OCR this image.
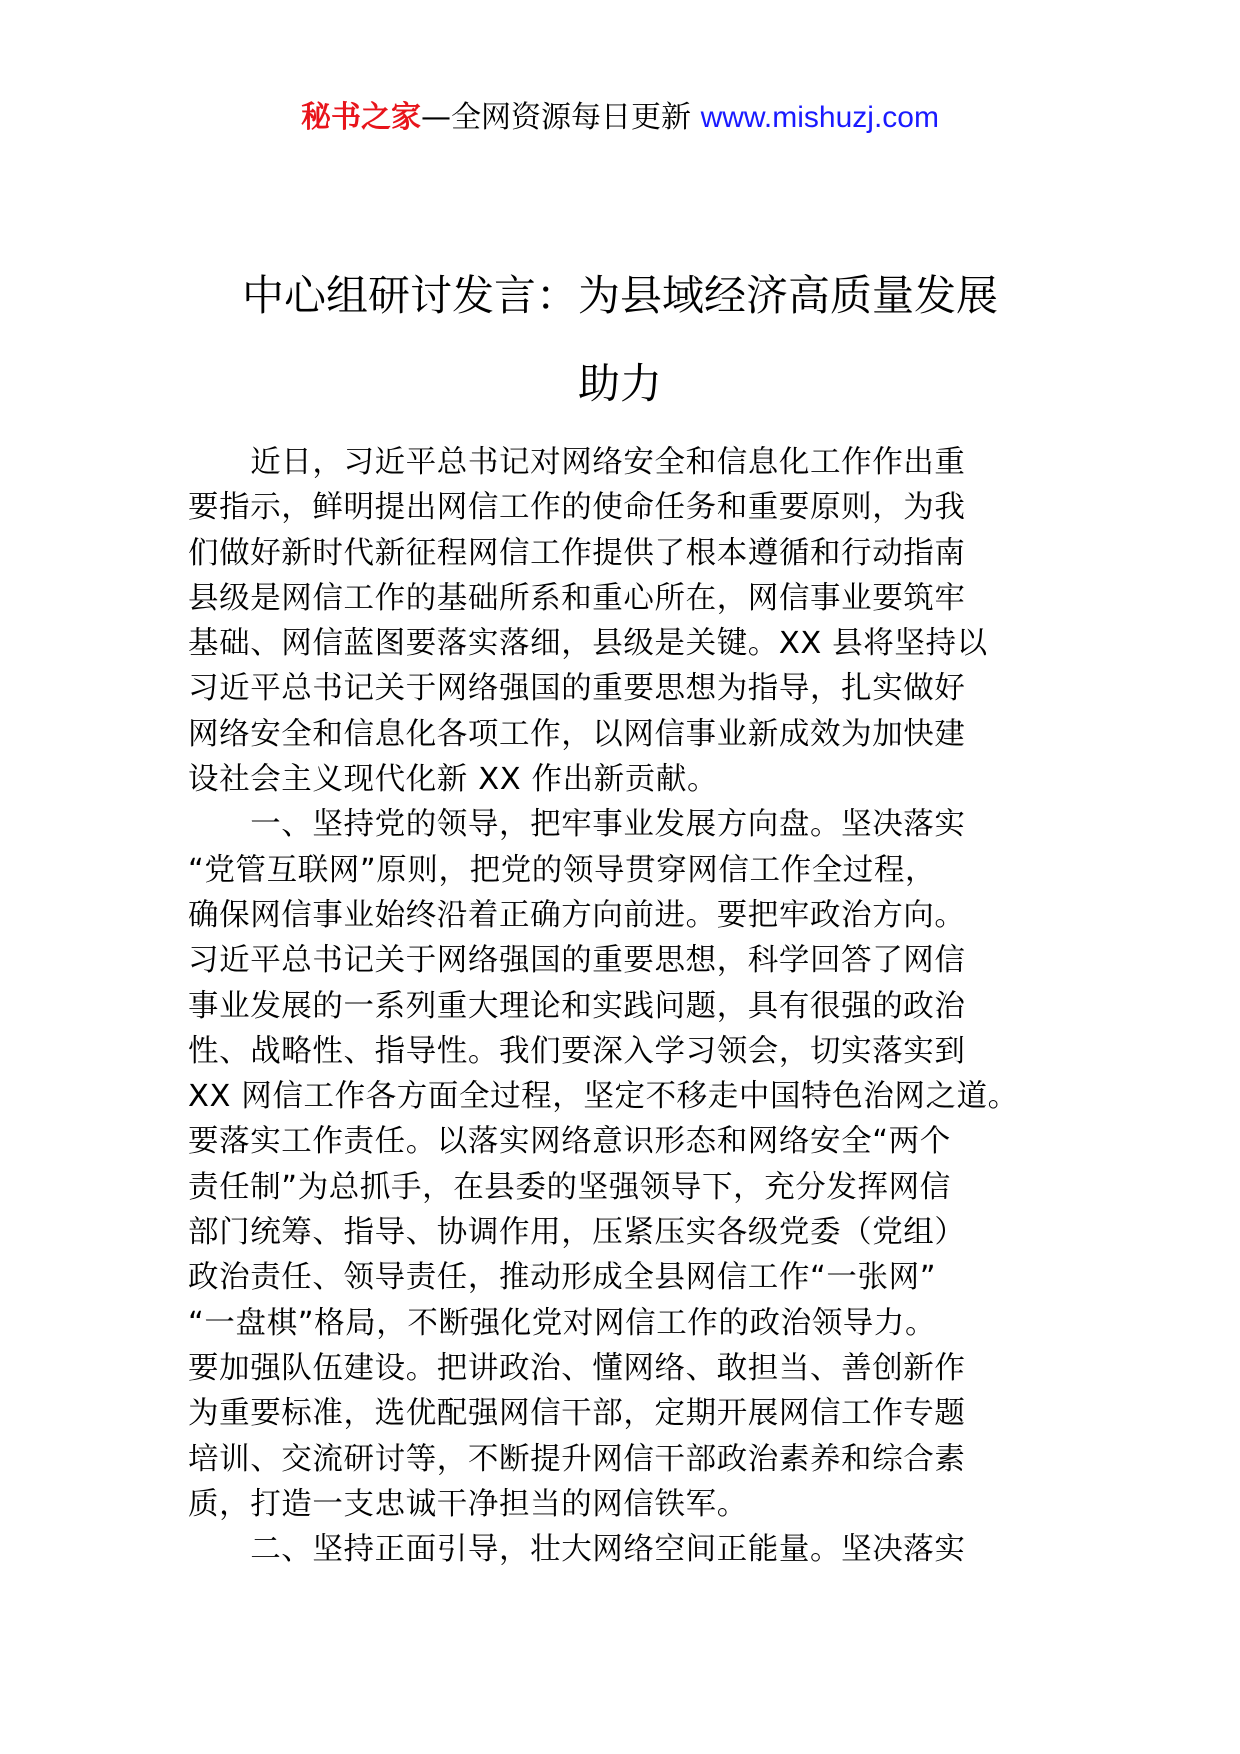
秘书之家—全网资源每日更新 www.mishuzj.com
中心组研讨发言：为县域经济高质量发展
助力
　　近日，习近平总书记对网络安全和信息化工作作出重
要指示，鲜明提出网信工作的使命任务和重要原则，为我
们做好新时代新征程网信工作提供了根本遵循和行动指南
县级是网信工作的基础所系和重心所在，网信事业要筑牢
基础、网信蓝图要落实落细，县级是关键。XX 县将坚持以
习近平总书记关于网络强国的重要思想为指导，扎实做好
网络安全和信息化各项工作，以网信事业新成效为加快建
设社会主义现代化新 XX 作出新贡献。
　　一、坚持党的领导，把牢事业发展方向盘。坚决落实
“党管互联网”原则，把党的领导贯穿网信工作全过程，
确保网信事业始终沿着正确方向前进。要把牢政治方向。
习近平总书记关于网络强国的重要思想，科学回答了网信
事业发展的一系列重大理论和实践问题，具有很强的政治
性、战略性、指导性。我们要深入学习领会，切实落实到
XX 网信工作各方面全过程，坚定不移走中国特色治网之道。
要落实工作责任。以落实网络意识形态和网络安全“两个
责任制”为总抓手，在县委的坚强领导下，充分发挥网信
部门统筹、指导、协调作用，压紧压实各级党委（党组）
政治责任、领导责任，推动形成全县网信工作“一张网”
“一盘棋”格局，不断强化党对网信工作的政治领导力。
要加强队伍建设。把讲政治、懂网络、敢担当、善创新作
为重要标准，选优配强网信干部，定期开展网信工作专题
培训、交流研讨等，不断提升网信干部政治素养和综合素
质，打造一支忠诚干净担当的网信铁军。
　　二、坚持正面引导，壮大网络空间正能量。坚决落实
